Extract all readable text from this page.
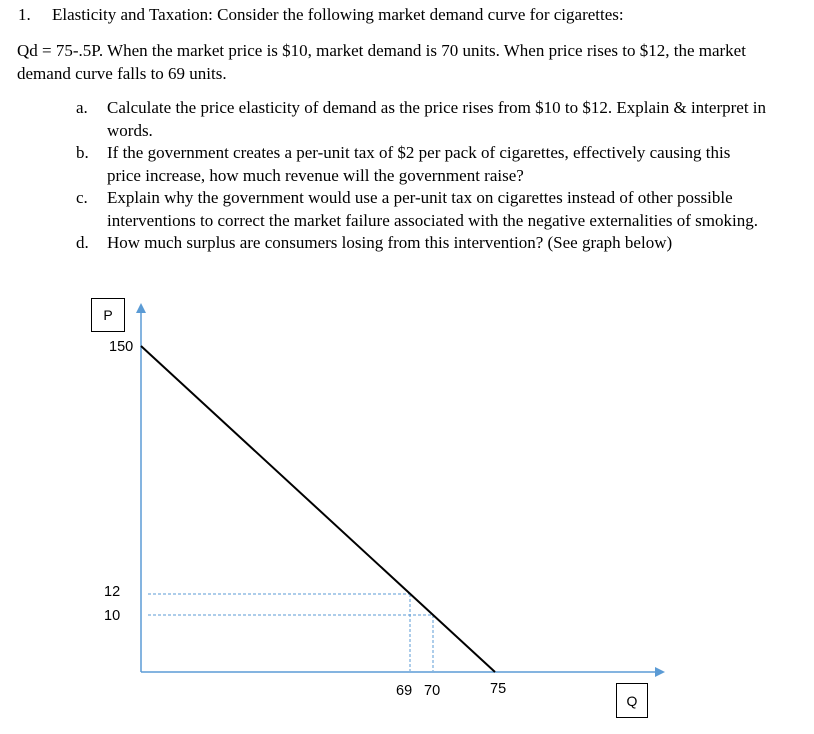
1. Elasticity and Taxation: Consider the following market demand curve for cigarettes:
Qd = 75-.5P. When the market price is $10, market demand is 70 units. When price rises to $12, the market demand curve falls to 69 units.
a.	Calculate the price elasticity of demand as the price rises from $10 to $12. Explain & interpret in words.
b.	If the government creates a per-unit tax of $2 per pack of cigarettes, effectively causing this price increase, how much revenue will the government raise?
c.	Explain why the government would use a per-unit tax on cigarettes instead of other possible interventions to correct the market failure associated with the negative externalities of smoking.
d.	How much surplus are consumers losing from this intervention? (See graph below)
P
Q
150
12
10
69 70	75
